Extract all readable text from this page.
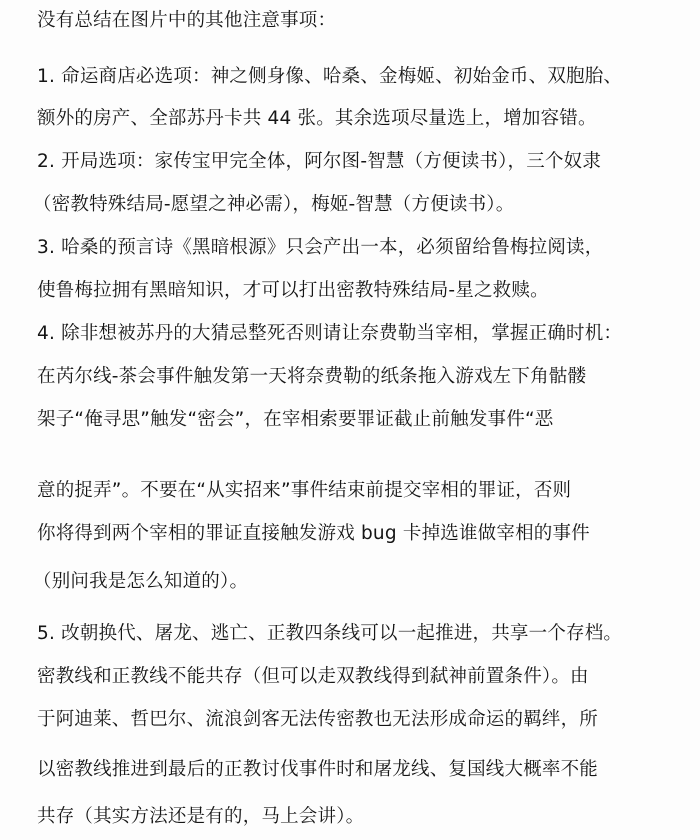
没有总结在图片中的其他注意事项：
1. 命运商店必选项：神之侧身像、哈桑、金梅姬、初始金币、双胞胎、
额外的房产、全部苏丹卡共 44 张。其余选项尽量选上，增加容错。
2. 开局选项：家传宝甲完全体，阿尔图-智慧（方便读书），三个奴隶
（密教特殊结局-愿望之神必需），梅姬-智慧（方便读书）。
3. 哈桑的预言诗《黑暗根源》只会产出一本，必须留给鲁梅拉阅读，
使鲁梅拉拥有黑暗知识，才可以打出密教特殊结局-星之救赎。
4. 除非想被苏丹的大猜忌整死否则请让奈费勒当宰相，掌握正确时机：
在芮尔线-茶会事件触发第一天将奈费勒的纸条拖入游戏左下角骷髅
架子“俺寻思”触发“密会”，在宰相索要罪证截止前触发事件“恶
意的捉弄”。不要在“从实招来”事件结束前提交宰相的罪证，否则
你将得到两个宰相的罪证直接触发游戏 bug 卡掉选谁做宰相的事件
（别问我是怎么知道的）。
5. 改朝换代、屠龙、逃亡、正教四条线可以一起推进，共享一个存档。
密教线和正教线不能共存（但可以走双教线得到弑神前置条件）。由
于阿迪莱、哲巴尔、流浪剑客无法传密教也无法形成命运的羁绊，所
以密教线推进到最后的正教讨伐事件时和屠龙线、复国线大概率不能
共存（其实方法还是有的，马上会讲）。
